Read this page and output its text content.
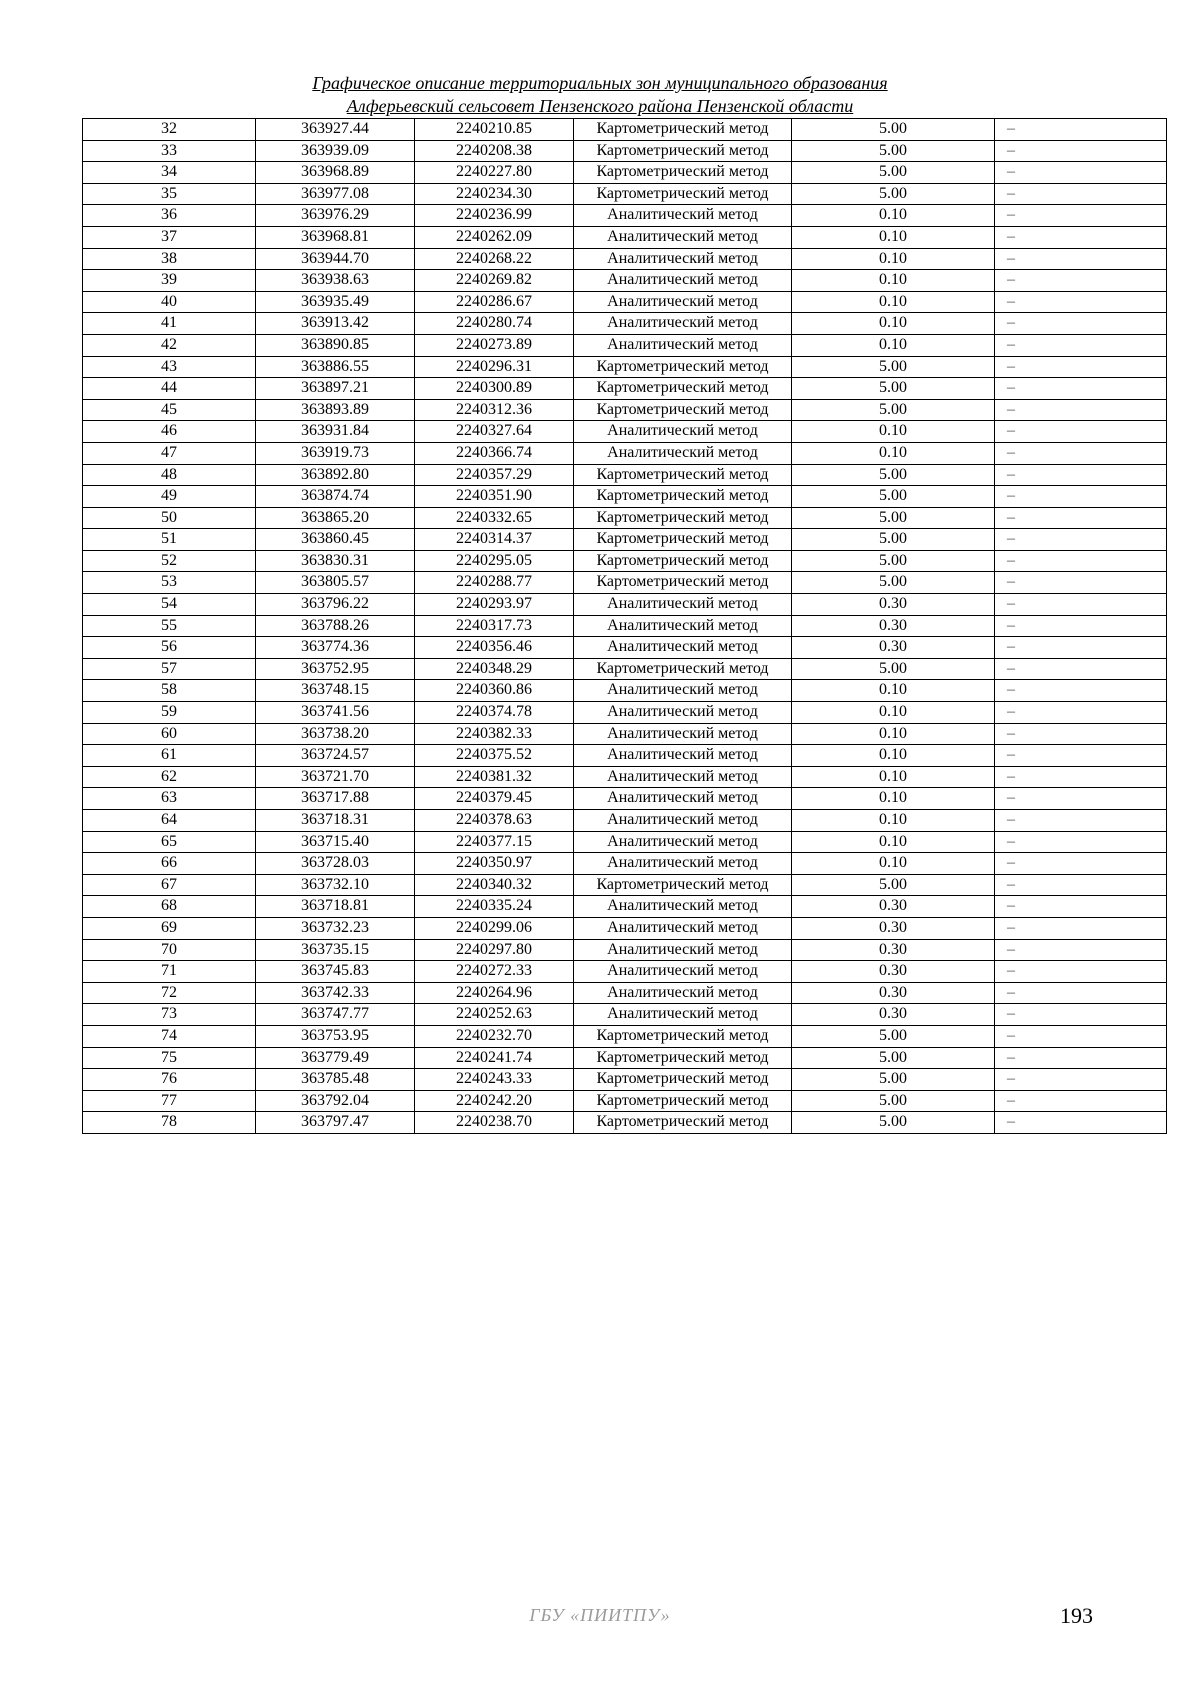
Графическое описание территориальных зон муниципального образования
Алферьевский сельсовет Пензенского района Пензенской области
32	363927.44	2240210.85	Картометрический метод	5.00	–
33	363939.09	2240208.38	Картометрический метод	5.00	–
34	363968.89	2240227.80	Картометрический метод	5.00	–
35	363977.08	2240234.30	Картометрический метод	5.00	–
36	363976.29	2240236.99	Аналитический метод	0.10	–
37	363968.81	2240262.09	Аналитический метод	0.10	–
38	363944.70	2240268.22	Аналитический метод	0.10	–
39	363938.63	2240269.82	Аналитический метод	0.10	–
40	363935.49	2240286.67	Аналитический метод	0.10	–
41	363913.42	2240280.74	Аналитический метод	0.10	–
42	363890.85	2240273.89	Аналитический метод	0.10	–
43	363886.55	2240296.31	Картометрический метод	5.00	–
44	363897.21	2240300.89	Картометрический метод	5.00	–
45	363893.89	2240312.36	Картометрический метод	5.00	–
46	363931.84	2240327.64	Аналитический метод	0.10	–
47	363919.73	2240366.74	Аналитический метод	0.10	–
48	363892.80	2240357.29	Картометрический метод	5.00	–
49	363874.74	2240351.90	Картометрический метод	5.00	–
50	363865.20	2240332.65	Картометрический метод	5.00	–
51	363860.45	2240314.37	Картометрический метод	5.00	–
52	363830.31	2240295.05	Картометрический метод	5.00	–
53	363805.57	2240288.77	Картометрический метод	5.00	–
54	363796.22	2240293.97	Аналитический метод	0.30	–
55	363788.26	2240317.73	Аналитический метод	0.30	–
56	363774.36	2240356.46	Аналитический метод	0.30	–
57	363752.95	2240348.29	Картометрический метод	5.00	–
58	363748.15	2240360.86	Аналитический метод	0.10	–
59	363741.56	2240374.78	Аналитический метод	0.10	–
60	363738.20	2240382.33	Аналитический метод	0.10	–
61	363724.57	2240375.52	Аналитический метод	0.10	–
62	363721.70	2240381.32	Аналитический метод	0.10	–
63	363717.88	2240379.45	Аналитический метод	0.10	–
64	363718.31	2240378.63	Аналитический метод	0.10	–
65	363715.40	2240377.15	Аналитический метод	0.10	–
66	363728.03	2240350.97	Аналитический метод	0.10	–
67	363732.10	2240340.32	Картометрический метод	5.00	–
68	363718.81	2240335.24	Аналитический метод	0.30	–
69	363732.23	2240299.06	Аналитический метод	0.30	–
70	363735.15	2240297.80	Аналитический метод	0.30	–
71	363745.83	2240272.33	Аналитический метод	0.30	–
72	363742.33	2240264.96	Аналитический метод	0.30	–
73	363747.77	2240252.63	Аналитический метод	0.30	–
74	363753.95	2240232.70	Картометрический метод	5.00	–
75	363779.49	2240241.74	Картометрический метод	5.00	–
76	363785.48	2240243.33	Картометрический метод	5.00	–
77	363792.04	2240242.20	Картометрический метод	5.00	–
78	363797.47	2240238.70	Картометрический метод	5.00	–
ГБУ «ПИИТПУ»	193
